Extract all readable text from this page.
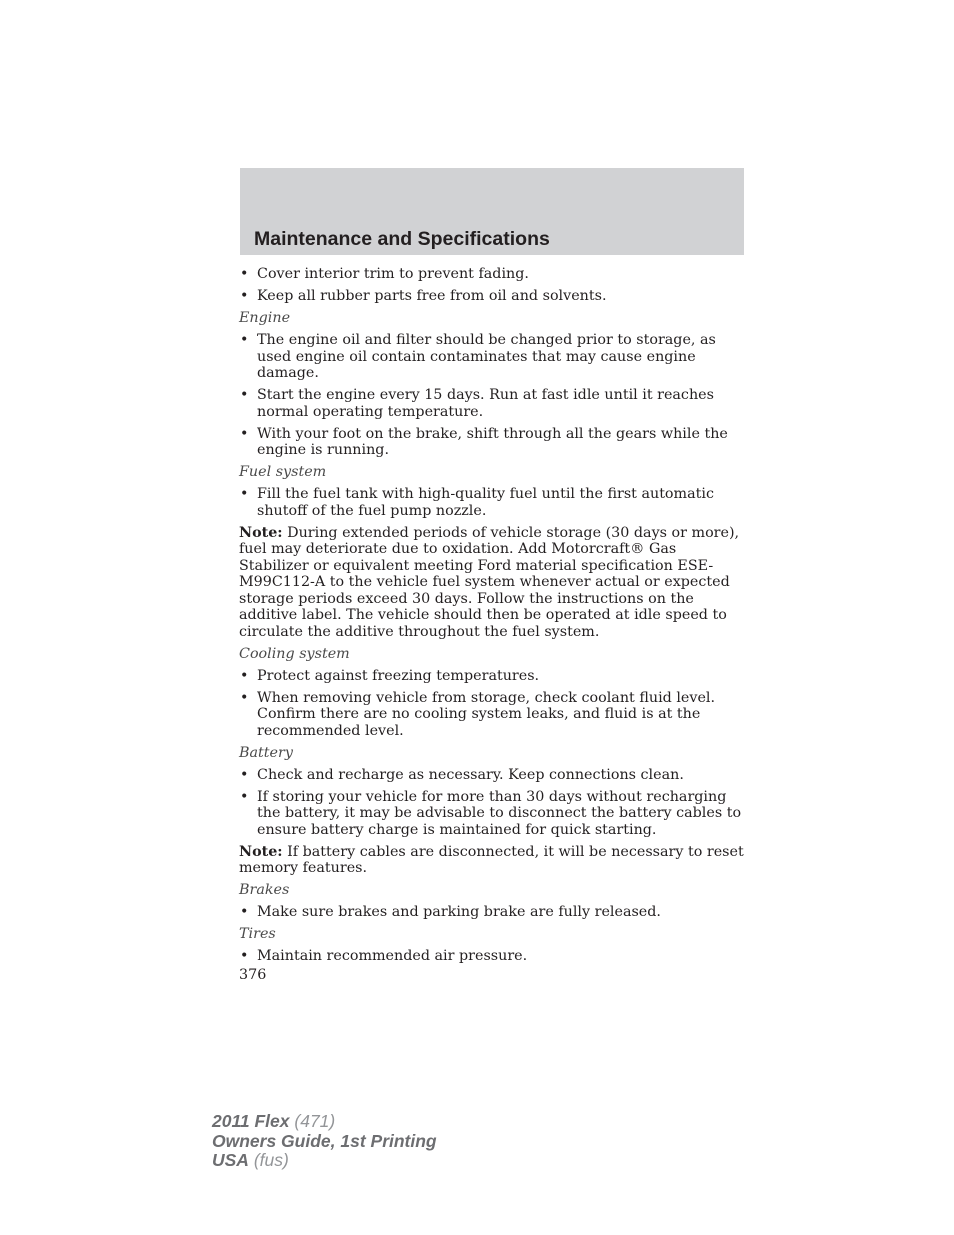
Maintenance and Specifications
• Cover interior trim to prevent fading.
• Keep all rubber parts free from oil and solvents.
Engine
• The engine oil and filter should be changed prior to storage, as used engine oil contain contaminates that may cause engine damage.
• Start the engine every 15 days. Run at fast idle until it reaches normal operating temperature.
• With your foot on the brake, shift through all the gears while the engine is running.
Fuel system
• Fill the fuel tank with high-quality fuel until the first automatic shutoff of the fuel pump nozzle.
Note: During extended periods of vehicle storage (30 days or more), fuel may deteriorate due to oxidation. Add Motorcraft® Gas Stabilizer or equivalent meeting Ford material specification ESE-M99C112-A to the vehicle fuel system whenever actual or expected storage periods exceed 30 days. Follow the instructions on the additive label. The vehicle should then be operated at idle speed to circulate the additive throughout the fuel system.
Cooling system
• Protect against freezing temperatures.
• When removing vehicle from storage, check coolant fluid level. Confirm there are no cooling system leaks, and fluid is at the recommended level.
Battery
• Check and recharge as necessary. Keep connections clean.
• If storing your vehicle for more than 30 days without recharging the battery, it may be advisable to disconnect the battery cables to ensure battery charge is maintained for quick starting.
Note: If battery cables are disconnected, it will be necessary to reset memory features.
Brakes
• Make sure brakes and parking brake are fully released.
Tires
• Maintain recommended air pressure.
376
2011 Flex (471)
Owners Guide, 1st Printing
USA (fus)
